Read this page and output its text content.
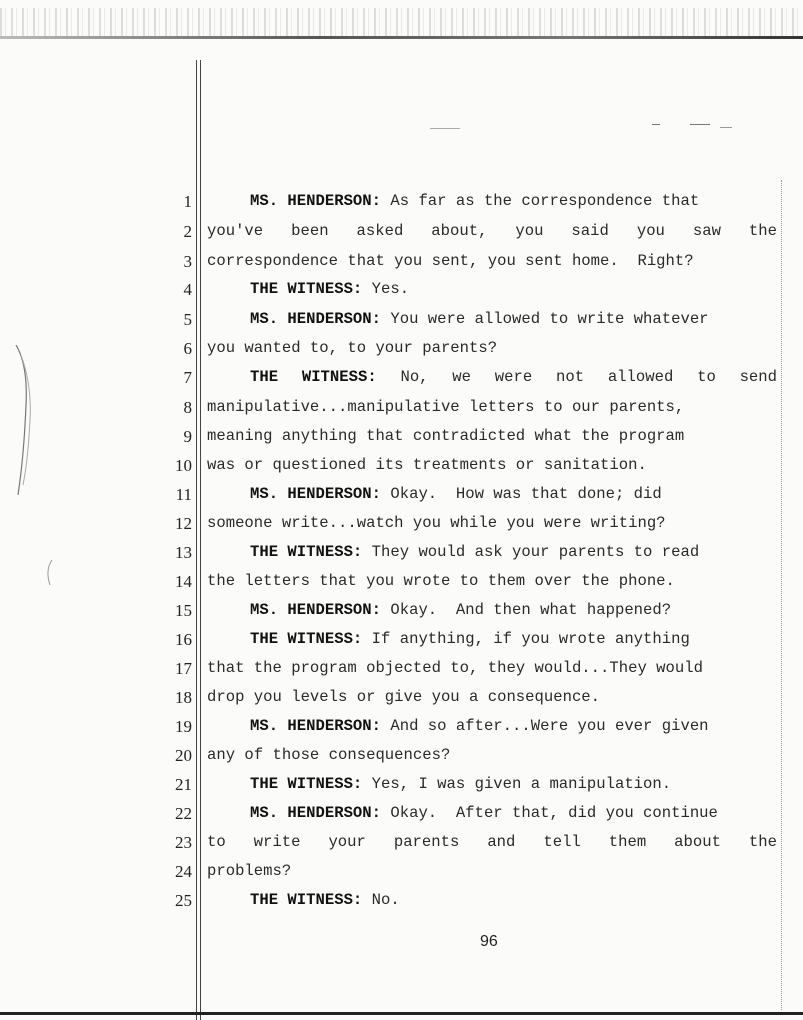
1	MS. HENDERSON: As far as the correspondence that
2 you've been asked about, you said you saw the
3 correspondence that you sent, you sent home.  Right?
4	THE WITNESS: Yes.
5	MS. HENDERSON: You were allowed to write whatever
6 you wanted to, to your parents?
7	THE WITNESS: No, we were not allowed to send
8 manipulative...manipulative letters to our parents,
9 meaning anything that contradicted what the program
10 was or questioned its treatments or sanitation.
11	MS. HENDERSON: Okay.  How was that done; did
12 someone write...watch you while you were writing?
13	THE WITNESS: They would ask your parents to read
14 the letters that you wrote to them over the phone.
15	MS. HENDERSON: Okay.  And then what happened?
16	THE WITNESS: If anything, if you wrote anything
17 that the program objected to, they would...They would
18 drop you levels or give you a consequence.
19	MS. HENDERSON: And so after...Were you ever given
20 any of those consequences?
21	THE WITNESS: Yes, I was given a manipulation.
22	MS. HENDERSON: Okay.  After that, did you continue
23 to write your parents and tell them about the
24 problems?
25	THE WITNESS: No.
96
